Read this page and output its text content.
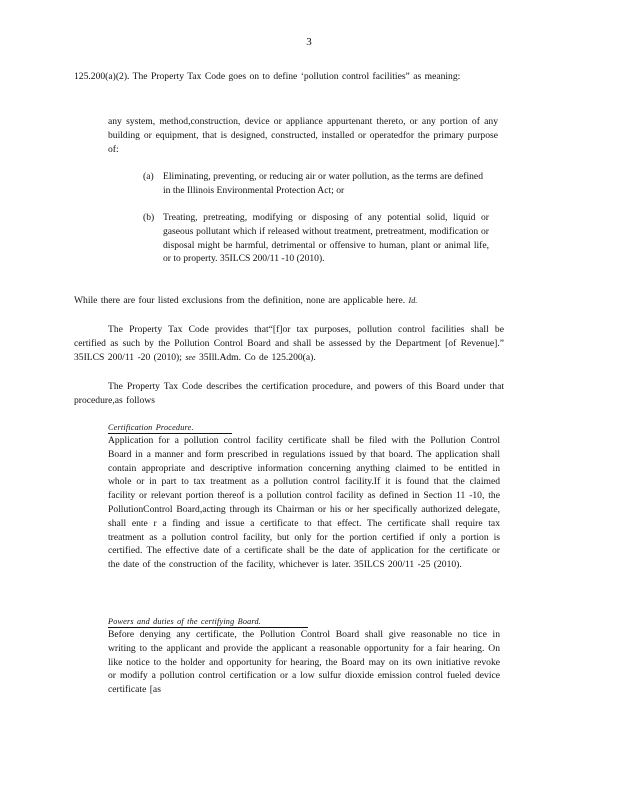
3
125.200(a)(2). The Property Tax Code goes on to define ‘pollution control facilities” as meaning:
any system, method,construction, device or appliance appurtenant thereto, or any portion of any building or equipment, that is designed, constructed, installed or operatedfor the primary purpose of:
(a) Eliminating, preventing, or reducing air or water pollution, as the terms are defined in the Illinois Environmental Protection Act; or
(b) Treating, pretreating, modifying or disposing of any potential solid, liquid or gaseous pollutant which if released without treatment, pretreatment, modification or disposal might be harmful, detrimental or offensive to human, plant or animal life, or to property. 35ILCS 200/11 -10 (2010).
While there are four listed exclusions from the definition, none are applicable here. Id.
The Property Tax Code provides that“[f]or tax purposes, pollution control facilities shall be certified as such by the Pollution Control Board and shall be assessed by the Department [of Revenue].” 35ILCS 200/11 -20 (2010); see 35Ill.Adm. Co de 125.200(a).
The Property Tax Code describes the certification procedure, and powers of this Board under that procedure,as follows
Certification Procedure.
Application for a pollution control facility certificate shall be filed with the Pollution Control Board in a manner and form prescribed in regulations issued by that board. The application shall contain appropriate and descriptive information concerning anything claimed to be entitled in whole or in part to tax treatment as a pollution control facility.If it is found that the claimed facility or relevant portion thereof is a pollution control facility as defined in Section 11 -10, the PollutionControl Board,acting through its Chairman or his or her specifically authorized delegate, shall ente r a finding and issue a certificate to that effect. The certificate shall require tax treatment as a pollution control facility, but only for the portion certified if only a portion is certified. The effective date of a certificate shall be the date of application for the certificate or the date of the construction of the facility, whichever is later. 35ILCS 200/11 -25 (2010).
Powers and duties of the certifying Board.
Before denying any certificate, the Pollution Control Board shall give reasonable no tice in writing to the applicant and provide the applicant a reasonable opportunity for a fair hearing. On like notice to the holder and opportunity for hearing, the Board may on its own initiative revoke or modify a pollution control certification or a low sulfur dioxide emission control fueled device certificate [as
